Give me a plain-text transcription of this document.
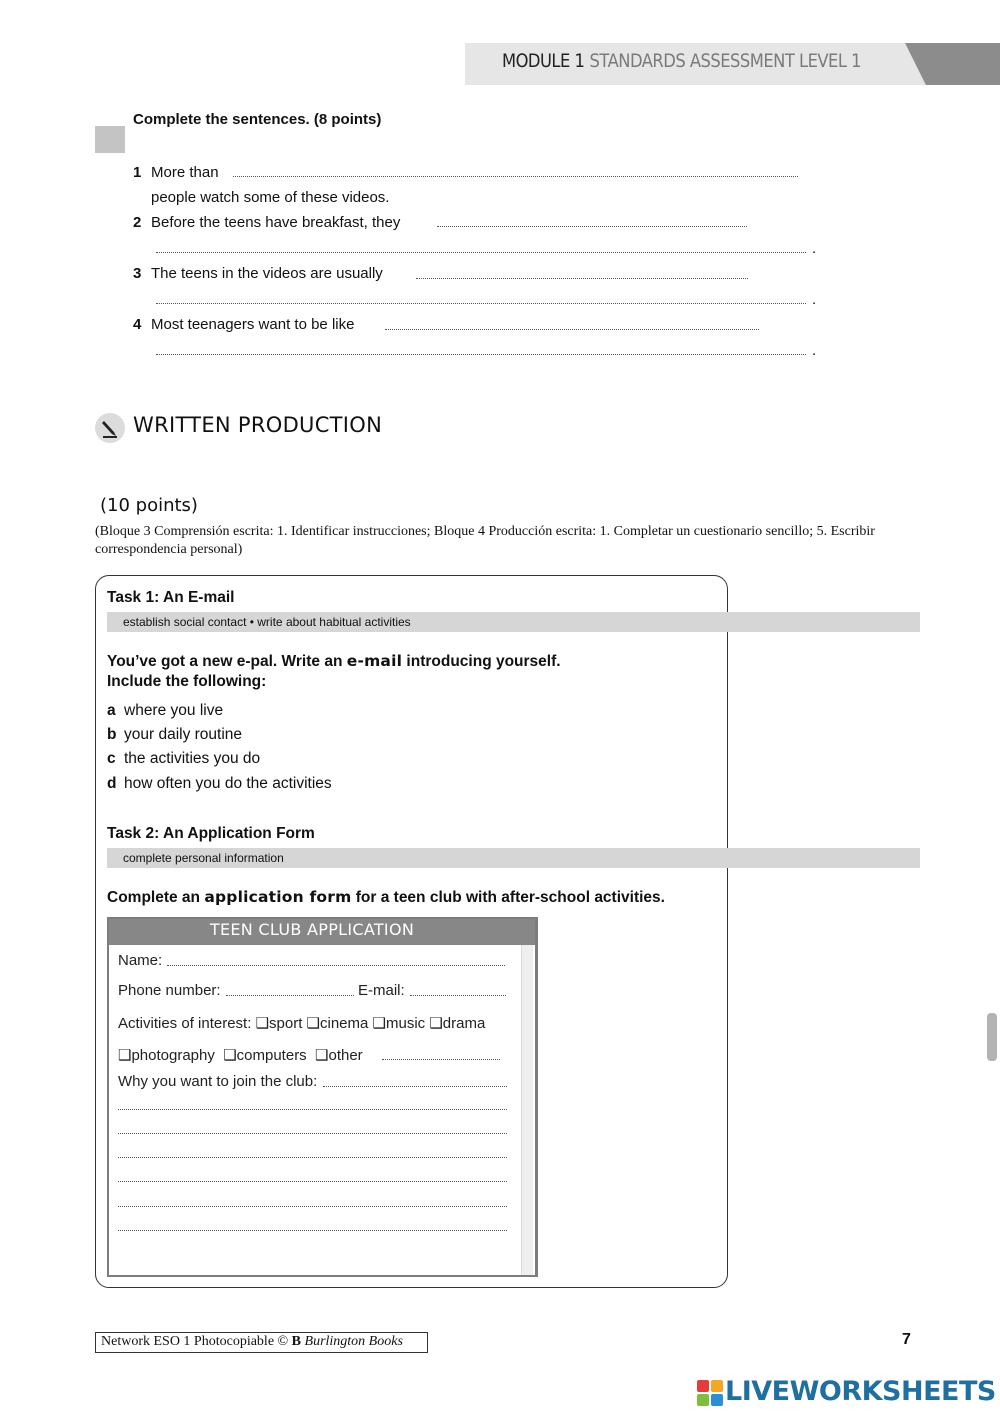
MODULE 1 STANDARDS ASSESSMENT LEVEL 1
Complete the sentences. (8 points)
1 More than
people watch some of these videos.
2 Before the teens have breakfast, they
.
3 The teens in the videos are usually
.
4 Most teenagers want to be like
.
WRITTEN PRODUCTION
(10 points)
(Bloque 3 Comprensión escrita: 1. Identificar instrucciones; Bloque 4 Producción escrita: 1. Completar un cuestionario sencillo; 5. Escribir correspondencia personal)
Task 1: An E-mail
establish social contact • write about habitual activities
You’ve got a new e-pal. Write an e-mail introducing yourself.
Include the following:
a where you live
b your daily routine
c the activities you do
d how often you do the activities
Task 2: An Application Form
complete personal information
Complete an application form for a teen club with after-school activities.
TEEN CLUB APPLICATION
Name:
Phone number:	E-mail:
Activities of interest: ❑sport ❑cinema ❑music ❑drama
❑photography ❑computers ❑other
Why you want to join the club:
Network ESO 1 Photocopiable © B Burlington Books	7
LIVEWORKSHEETS
